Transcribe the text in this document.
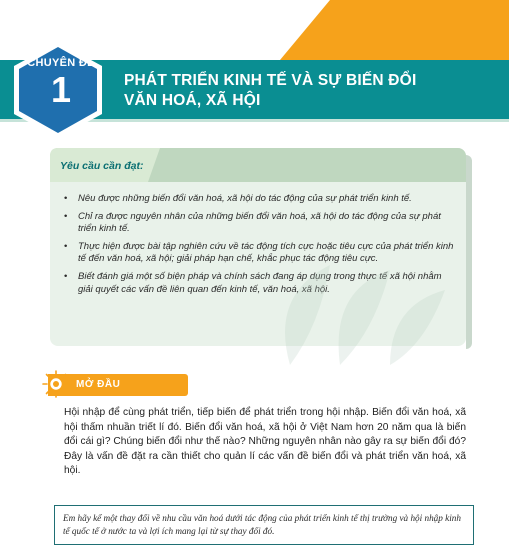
CHUYÊN ĐỀ
1	PHÁT TRIỂN KINH TẾ VÀ SỰ BIẾN ĐỔI
VĂN HOÁ, XÃ HỘI
Yêu cầu cần đạt:
• Nêu được những biến đổi văn hoá, xã hội do tác động của sự phát triển kinh tế.
• Chỉ ra được nguyên nhân của những biến đổi văn hoá, xã hội do tác động của sự phát triển kinh tế.
• Thực hiện được bài tập nghiên cứu về tác động tích cực hoặc tiêu cực của phát triển kinh tế đến văn hoá, xã hội; giải pháp hạn chế, khắc phục tác động tiêu cực.
• Biết đánh giá một số biện pháp và chính sách đang áp dụng trong thực tế xã hội nhằm giải quyết các vấn đề liên quan đến kinh tế, văn hoá, xã hội.
MỞ ĐẦU

Hội nhập để cùng phát triển, tiếp biến để phát triển trong hội nhập. Biến đổi văn hoá, xã hội thấm nhuần triết lí đó. Biến đổi văn hoá, xã hội ở Việt Nam hơn 20 năm qua là biến đổi cái gì? Chúng biến đổi như thế nào? Những nguyên nhân nào gây ra sự biến đổi đó? Đây là vấn đề đặt ra cần thiết cho quản lí các vấn đề biến đổi và phát triển văn hoá, xã hội.

Em hãy kể một thay đổi về nhu cầu văn hoá dưới tác động của phát triển kinh tế thị trường và hội nhập kinh tế quốc tế ở nước ta và lợi ích mang lại từ sự thay đổi đó.
